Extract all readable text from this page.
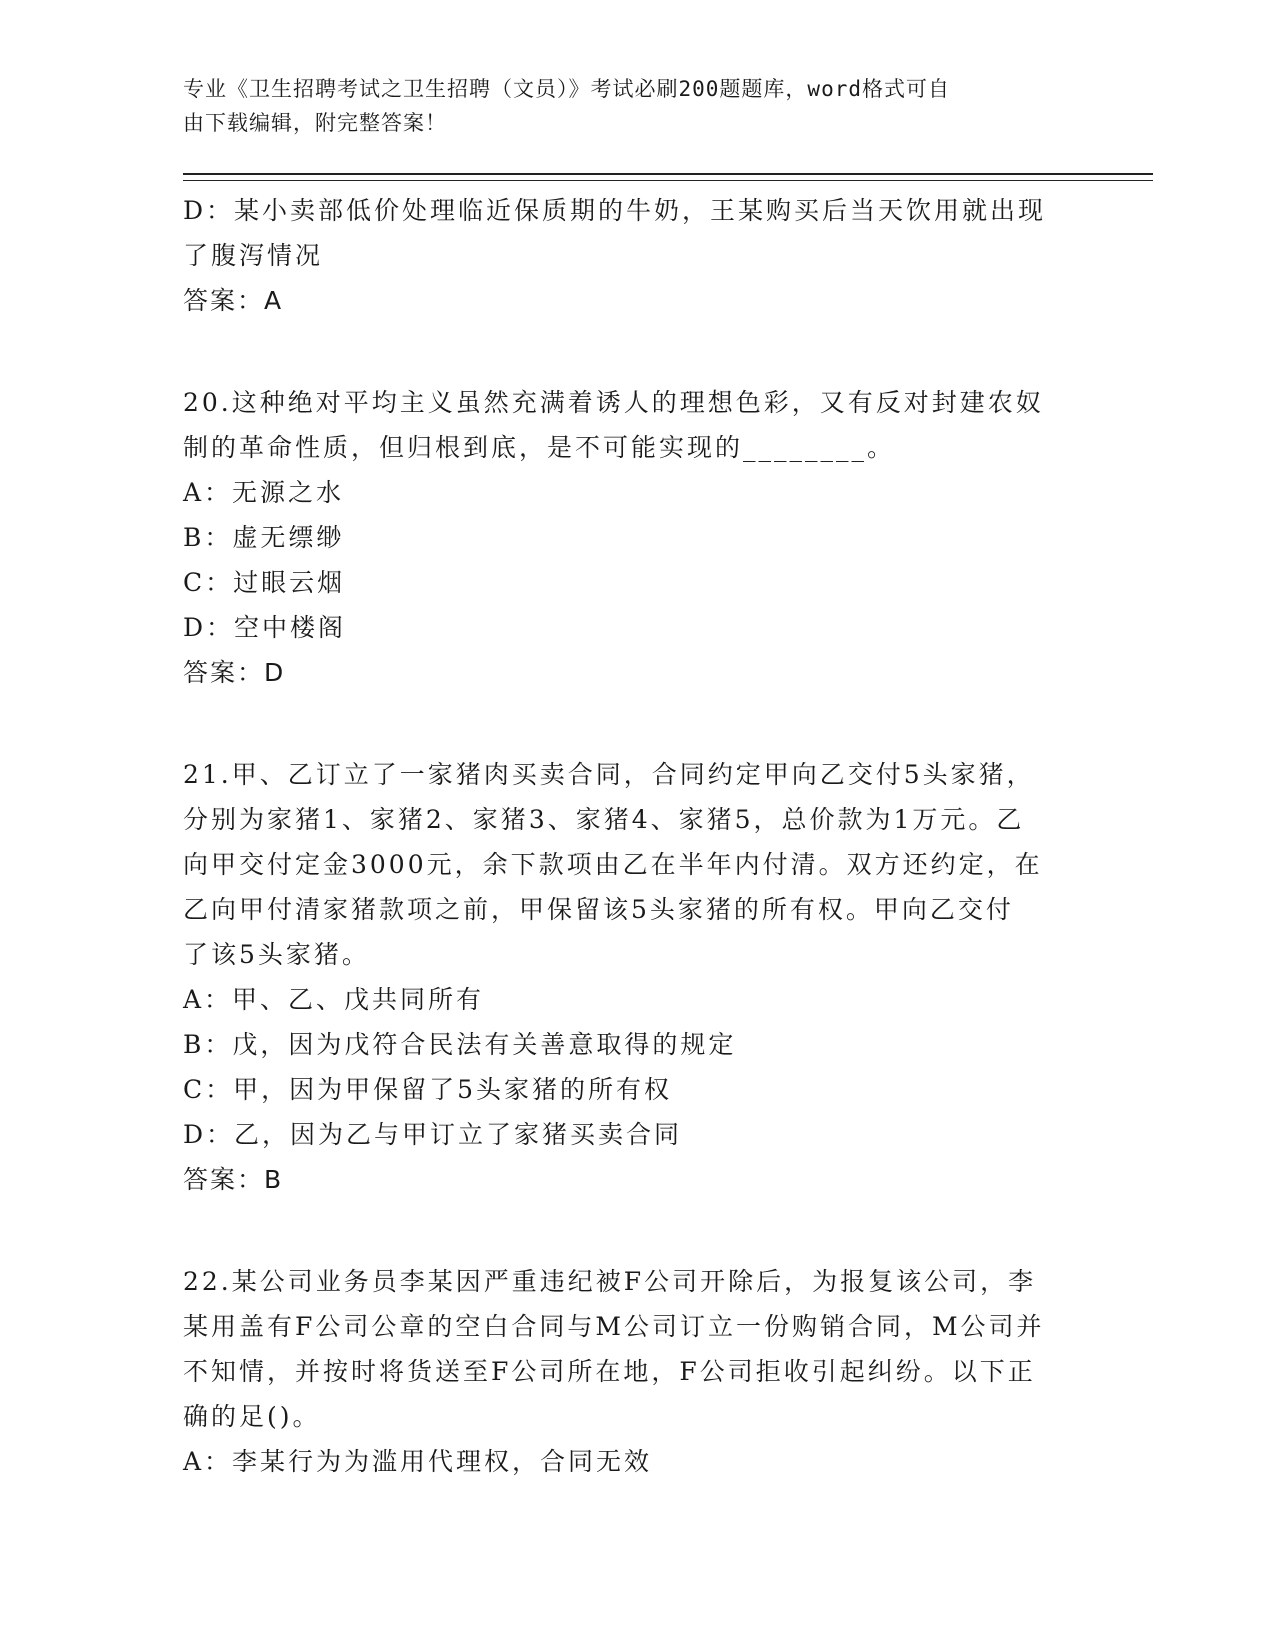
专业《卫生招聘考试之卫生招聘（文员）》考试必刷200题题库，word格式可自
由下载编辑，附完整答案！
D：某小卖部低价处理临近保质期的牛奶，王某购买后当天饮用就出现
了腹泻情况
答案：A
20.这种绝对平均主义虽然充满着诱人的理想色彩，又有反对封建农奴
制的革命性质，但归根到底，是不可能实现的________。
A：无源之水
B：虚无缥缈
C：过眼云烟
D：空中楼阁
答案：D
21.甲、乙订立了一家猪肉买卖合同，合同约定甲向乙交付5头家猪，
分别为家猪1、家猪2、家猪3、家猪4、家猪5，总价款为1万元。乙
向甲交付定金3000元，余下款项由乙在半年内付清。双方还约定，在
乙向甲付清家猪款项之前，甲保留该5头家猪的所有权。甲向乙交付
了该5头家猪。
A：甲、乙、戊共同所有
B：戊，因为戊符合民法有关善意取得的规定
C：甲，因为甲保留了5头家猪的所有权
D：乙，因为乙与甲订立了家猪买卖合同
答案：B
22.某公司业务员李某因严重违纪被F公司开除后，为报复该公司，李
某用盖有F公司公章的空白合同与M公司订立一份购销合同，M公司并
不知情，并按时将货送至F公司所在地，F公司拒收引起纠纷。以下正
确的足()。
A：李某行为为滥用代理权，合同无效
